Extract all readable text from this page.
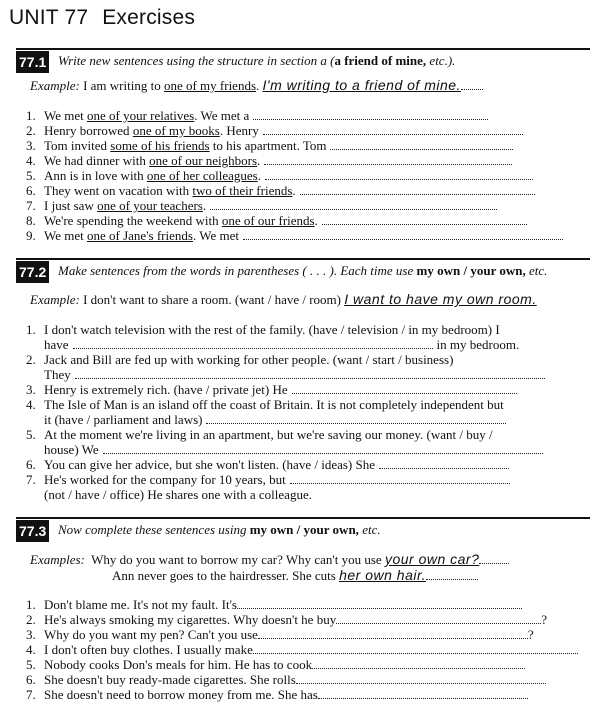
UNIT 77 Exercises
77.1 Write new sentences using the structure in section a (a friend of mine, etc.).
Example: I am writing to one of my friends. I'm writing to a friend of mine.
1. We met one of your relatives. We met a
2. Henry borrowed one of my books. Henry
3. Tom invited some of his friends to his apartment. Tom
4. We had dinner with one of our neighbors.
5. Ann is in love with one of her colleagues.
6. They went on vacation with two of their friends.
7. I just saw one of your teachers.
8. We're spending the weekend with one of our friends.
9. We met one of Jane's friends. We met
77.2 Make sentences from the words in parentheses ( . . . ). Each time use my own / your own, etc.
Example: I don't want to share a room. (want / have / room) I want to have my own room.
1. I don't watch television with the rest of the family. (have / television / in my bedroom) I
have	in my bedroom.
2. Jack and Bill are fed up with working for other people. (want / start / business)
They
3. Henry is extremely rich. (have / private jet) He
4. The Isle of Man is an island off the coast of Britain. It is not completely independent but
it (have / parliament and laws)
5. At the moment we're living in an apartment, but we're saving our money. (want / buy /
house) We
6. You can give her advice, but she won't listen. (have / ideas) She
7. He's worked for the company for 10 years, but
(not / have / office) He shares one with a colleague.
77.3 Now complete these sentences using my own / your own, etc.
Examples: Why do you want to borrow my car? Why can't you use your own car?
Ann never goes to the hairdresser. She cuts her own hair.
1. Don't blame me. It's not my fault. It's
2. He's always smoking my cigarettes. Why doesn't he buy	?
3. Why do you want my pen? Can't you use	?
4. I don't often buy clothes. I usually make
5. Nobody cooks Don's meals for him. He has to cook
6. She doesn't buy ready-made cigarettes. She rolls
7. She doesn't need to borrow money from me. She has
